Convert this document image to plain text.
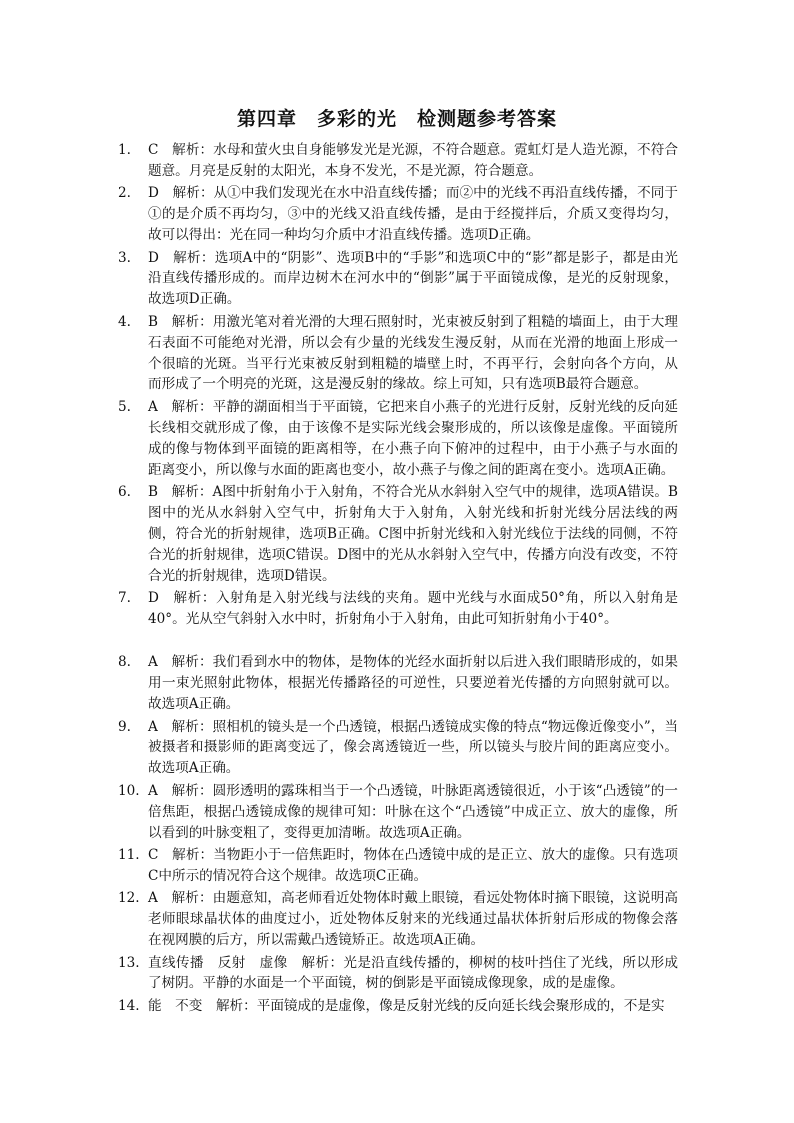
第四章　多彩的光　检测题参考答案
1.	C　解析：水母和萤火虫自身能够发光是光源，不符合题意。霓虹灯是人造光源，不符合题意。月亮是反射的太阳光，本身不发光，不是光源，符合题意。
2.	D　解析：从①中我们发现光在水中沿直线传播；而②中的光线不再沿直线传播，不同于①的是介质不再均匀，③中的光线又沿直线传播，是由于经搅拌后，介质又变得均匀，故可以得出：光在同一种均匀介质中才沿直线传播。选项D正确。
3.	D　解析：选项A中的“阴影”、选项B中的“手影”和选项C中的“影”都是影子，都是由光沿直线传播形成的。而岸边树木在河水中的“倒影”属于平面镜成像，是光的反射现象，故选项D正确。
4.	B　解析：用激光笔对着光滑的大理石照射时，光束被反射到了粗糙的墙面上，由于大理石表面不可能绝对光滑，所以会有少量的光线发生漫反射，从而在光滑的地面上形成一个很暗的光斑。当平行光束被反射到粗糙的墙壁上时，不再平行，会射向各个方向，从而形成了一个明亮的光斑，这是漫反射的缘故。综上可知，只有选项B最符合题意。
5.	A　解析：平静的湖面相当于平面镜，它把来自小燕子的光进行反射，反射光线的反向延长线相交就形成了像，由于该像不是实际光线会聚形成的，所以该像是虚像。平面镜所成的像与物体到平面镜的距离相等，在小燕子向下俯冲的过程中，由于小燕子与水面的距离变小，所以像与水面的距离也变小，故小燕子与像之间的距离在变小。选项A正确。
6.	B　解析：A图中折射角小于入射角，不符合光从水斜射入空气中的规律，选项A错误。B图中的光从水斜射入空气中，折射角大于入射角，入射光线和折射光线分居法线的两侧，符合光的折射规律，选项B正确。C图中折射光线和入射光线位于法线的同侧，不符合光的折射规律，选项C错误。D图中的光从水斜射入空气中，传播方向没有改变，不符合光的折射规律，选项D错误。
7.	D　解析：入射角是入射光线与法线的夹角。题中光线与水面成50°角，所以入射角是40°。光从空气斜射入水中时，折射角小于入射角，由此可知折射角小于40°。
8.	A　解析：我们看到水中的物体，是物体的光经水面折射以后进入我们眼睛形成的，如果用一束光照射此物体，根据光传播路径的可逆性，只要逆着光传播的方向照射就可以。故选项A正确。
9.	A　解析：照相机的镜头是一个凸透镜，根据凸透镜成实像的特点“物远像近像变小”，当被摄者和摄影师的距离变远了，像会离透镜近一些，所以镜头与胶片间的距离应变小。故选项A正确。
10. A　解析：圆形透明的露珠相当于一个凸透镜，叶脉距离透镜很近，小于该“凸透镜”的一倍焦距，根据凸透镜成像的规律可知：叶脉在这个“凸透镜”中成正立、放大的虚像，所以看到的叶脉变粗了，变得更加清晰。故选项A正确。
11. C　解析：当物距小于一倍焦距时，物体在凸透镜中成的是正立、放大的虚像。只有选项C中所示的情况符合这个规律。故选项C正确。
12. A　解析：由题意知，高老师看近处物体时戴上眼镜，看远处物体时摘下眼镜，这说明高老师眼球晶状体的曲度过小，近处物体反射来的光线通过晶状体折射后形成的物像会落在视网膜的后方，所以需戴凸透镜矫正。故选项A正确。
13. 直线传播　反射　虚像　解析：光是沿直线传播的，柳树的枝叶挡住了光线，所以形成了树阴。平静的水面是一个平面镜，树的倒影是平面镜成像现象，成的是虚像。
14. 能　不变　解析：平面镜成的是虚像，像是反射光线的反向延长线会聚形成的，不是实
